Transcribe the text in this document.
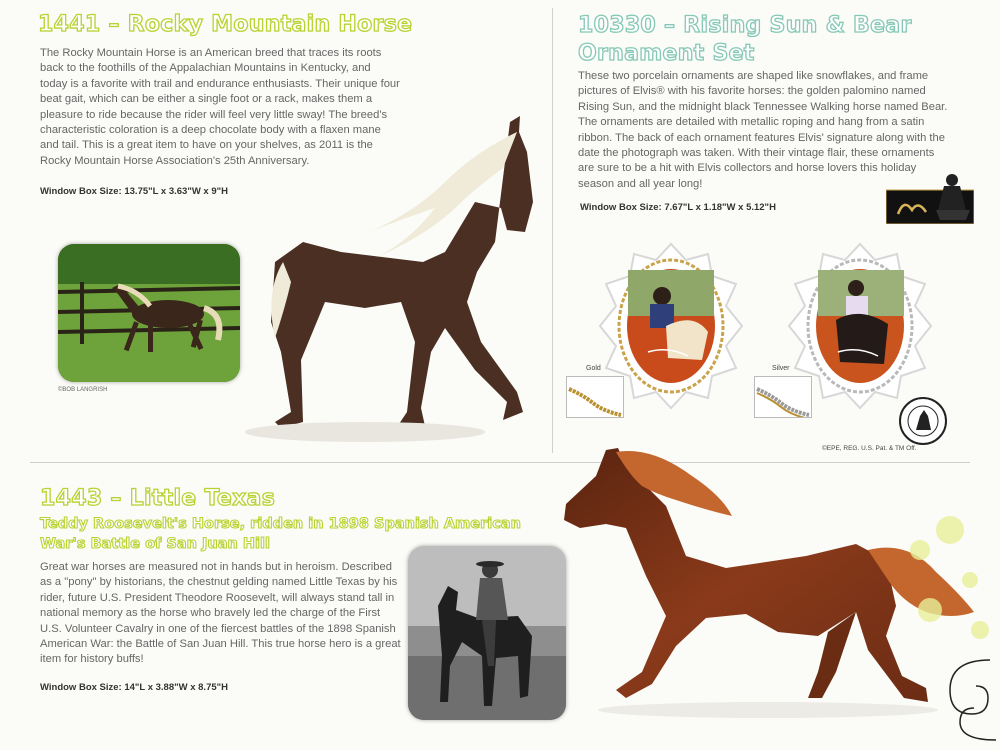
1441 – Rocky Mountain Horse

The Rocky Mountain Horse is an American breed that traces its roots back to the foothills of the Appalachian Mountains in Kentucky, and today is a favorite with trail and endurance enthusiasts. Their unique four beat gait, which can be either a single foot or a rack, makes them a pleasure to ride because the rider will feel very little sway! The breed's characteristic coloration is a deep chocolate body with a flaxen mane and tail. This is a great item to have on your shelves, as 2011 is the Rocky Mountain Horse Association's 25th Anniversary.

Window Box Size: 13.75"L x 3.63"W x 9"H

©BOB LANGRISH

10330 – Rising Sun & Bear
Ornament Set

These two porcelain ornaments are shaped like snowflakes, and frame pictures of Elvis® with his favorite horses: the golden palomino named Rising Sun, and the midnight black Tennessee Walking horse named Bear. The ornaments are detailed with metallic roping and hang from a satin ribbon. The back of each ornament features Elvis' signature along with the date the photograph was taken. With their vintage flair, these ornaments are sure to be a hit with Elvis collectors and horse lovers this holiday season and all year long!

Window Box Size: 7.67"L x 1.18"W x 5.12"H

Gold	Silver

©EPE, REG. U.S. Pat. & TM Off.

1443 – Little Texas
Teddy Roosevelt's Horse, ridden in 1898 Spanish American
War's Battle of San Juan Hill

Great war horses are measured not in hands but in heroism. Described as a "pony" by historians, the chestnut gelding named Little Texas by his rider, future U.S. President Theodore Roosevelt, will always stand tall in national memory as the horse who bravely led the charge of the First U.S. Volunteer Cavalry in one of the fiercest battles of the 1898 Spanish American War: the Battle of San Juan Hill. This true horse hero is a great item for history buffs!

Window Box Size: 14"L x 3.88"W x 8.75"H
